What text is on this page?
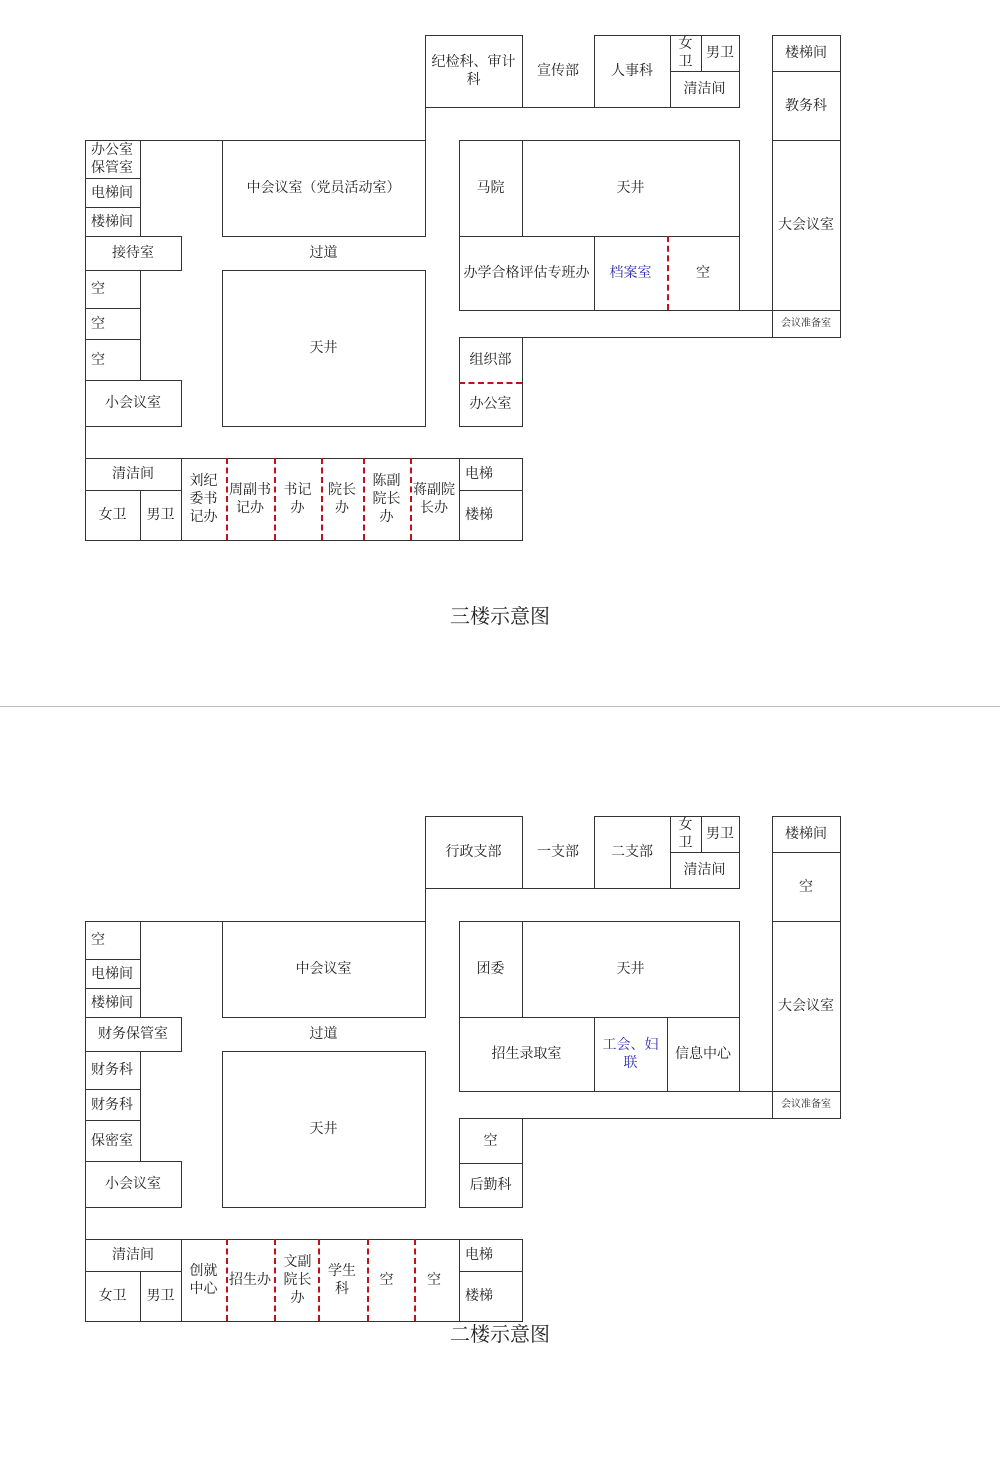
纪检科、审计科
宣传部	人事科
女卫
男卫
清洁间
楼梯间
教务科
大会议室
会议准备室
办公室
保管室
电梯间
楼梯间
接待室
空
空
空
小会议室
中会议室（党员活动室）
过道
天井
马院	天井
办学合格评估专班办	档案室	空
组织部
办公室
清洁间
女卫	男卫
刘纪委书记办
周副书记办
书记办
院长办
陈副院长办
蒋副院长办
电梯
楼梯
三楼示意图
行政支部	一支部	二支部
女卫
男卫
清洁间
楼梯间
空
大会议室
会议准备室
空
电梯间
楼梯间
财务保管室
财务科
财务科
保密室
小会议室
中会议室
过道
天井
团委	天井
招生录取室
工会、妇联
信息中心
空
后勤科
清洁间
女卫	男卫
创就中心
招生办
文副院长办
学生科
空	空
电梯
楼梯
二楼示意图
